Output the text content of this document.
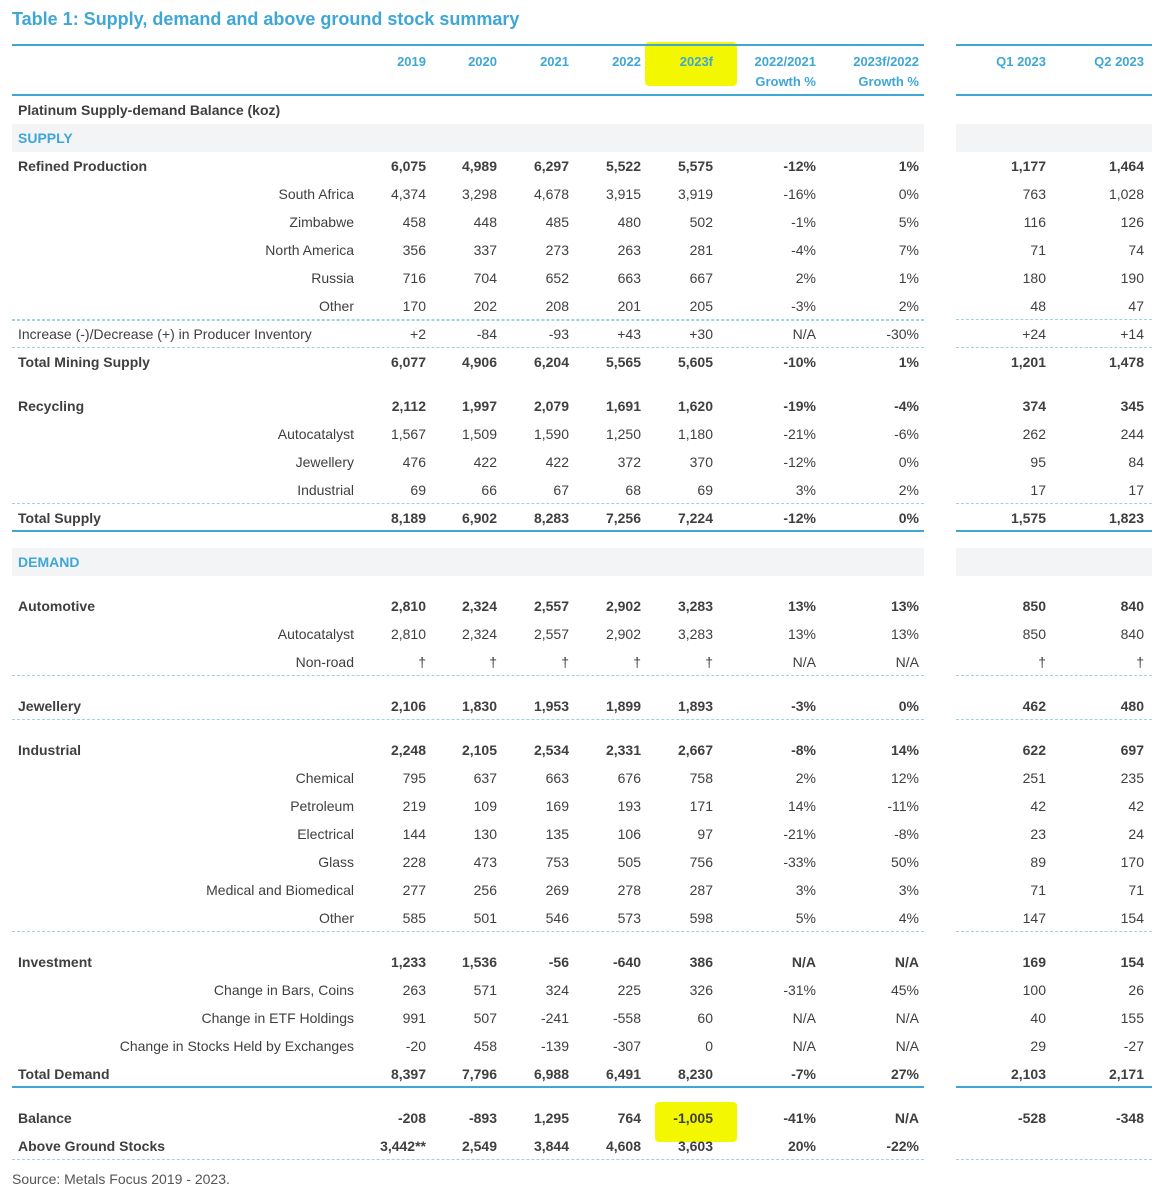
Table 1: Supply, demand and above ground stock summary
2019	2020	2021	2022	2023f	2022/2021
Growth %
2023f/2022
Growth %
Q1 2023	Q2 2023
Platinum Supply-demand Balance (koz)
SUPPLY
Refined Production	6,075	4,989	6,297	5,522	5,575	-12%	1%	1,177	1,464
South Africa	4,374	3,298	4,678	3,915	3,919	-16%	0%	763	1,028
Zimbabwe	458	448	485	480	502	-1%	5%	116	126
North America	356	337	273	263	281	-4%	7%	71	74
Russia	716	704	652	663	667	2%	1%	180	190
Other	170	202	208	201	205	-3%	2%	48	47
Increase (-)/Decrease (+) in Producer Inventory	+2	-84	-93	+43	+30	N/A	-30%	+24	+14
Total Mining Supply	6,077	4,906	6,204	5,565	5,605	-10%	1%	1,201	1,478
Recycling	2,112	1,997	2,079	1,691	1,620	-19%	-4%	374	345
Autocatalyst	1,567	1,509	1,590	1,250	1,180	-21%	-6%	262	244
Jewellery	476	422	422	372	370	-12%	0%	95	84
Industrial	69	66	67	68	69	3%	2%	17	17
Total Supply	8,189	6,902	8,283	7,256	7,224	-12%	0%	1,575	1,823
DEMAND
Automotive	2,810	2,324	2,557	2,902	3,283	13%	13%	850	840
Autocatalyst	2,810	2,324	2,557	2,902	3,283	13%	13%	850	840
Non-road	†	†	†	†	†	N/A	N/A	†	†
Jewellery	2,106	1,830	1,953	1,899	1,893	-3%	0%	462	480
Industrial	2,248	2,105	2,534	2,331	2,667	-8%	14%	622	697
Chemical	795	637	663	676	758	2%	12%	251	235
Petroleum	219	109	169	193	171	14%	-11%	42	42
Electrical	144	130	135	106	97	-21%	-8%	23	24
Glass	228	473	753	505	756	-33%	50%	89	170
Medical and Biomedical	277	256	269	278	287	3%	3%	71	71
Other	585	501	546	573	598	5%	4%	147	154
Investment	1,233	1,536	-56	-640	386	N/A	N/A	169	154
Change in Bars, Coins	263	571	324	225	326	-31%	45%	100	26
Change in ETF Holdings	991	507	-241	-558	60	N/A	N/A	40	155
Change in Stocks Held by Exchanges	-20	458	-139	-307	0	N/A	N/A	29	-27
Total Demand	8,397	7,796	6,988	6,491	8,230	-7%	27%	2,103	2,171
Balance	-208	-893	1,295	764	-1,005	-41%	N/A	-528	-348
Above Ground Stocks	3,442**	2,549	3,844	4,608	3,603	20%	-22%
Source: Metals Focus 2019 - 2023.
